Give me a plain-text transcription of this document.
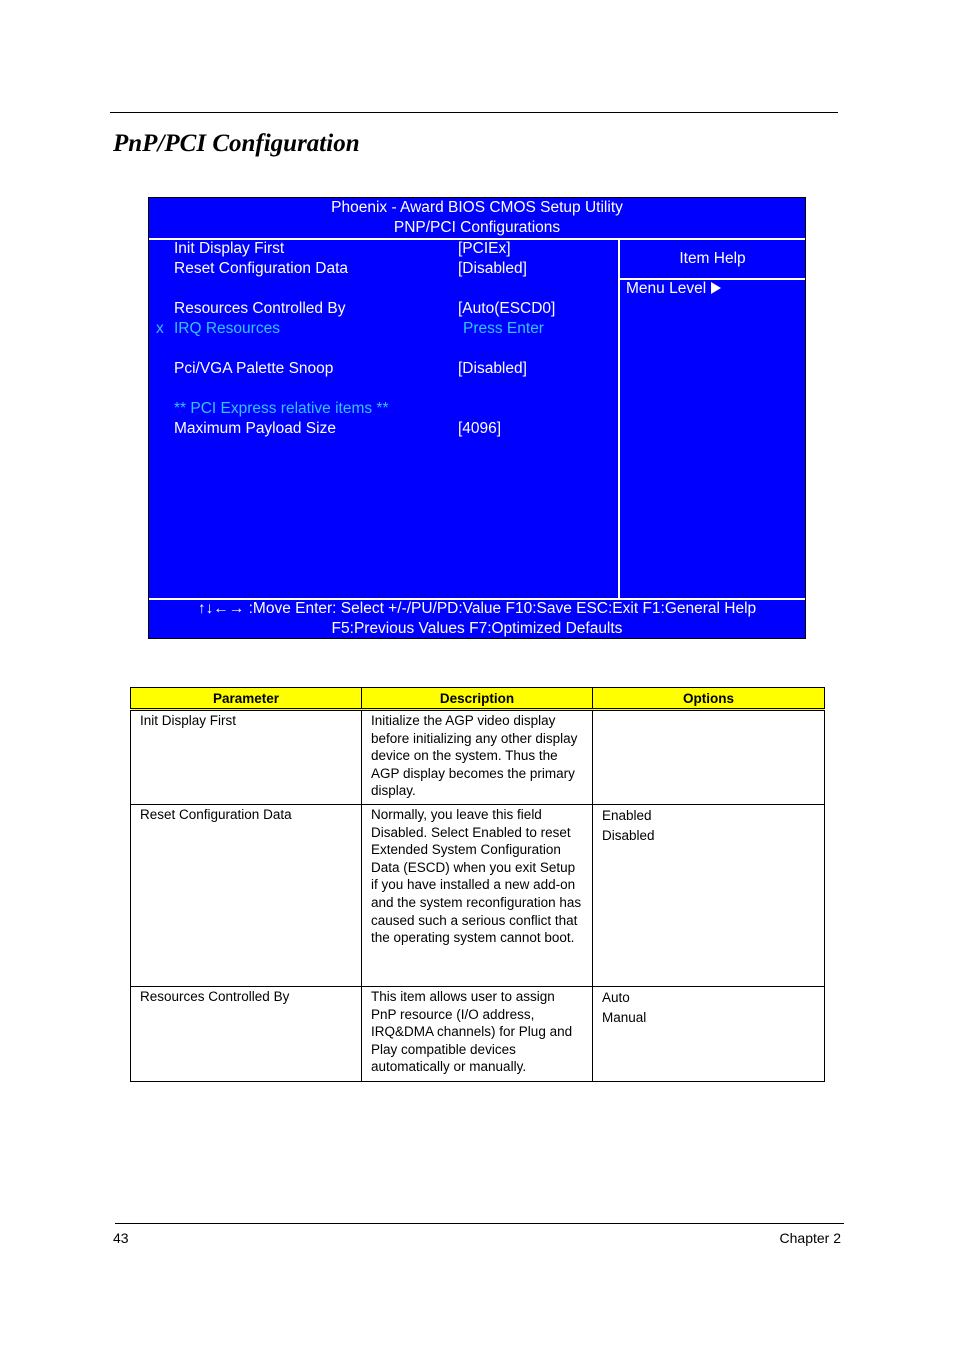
PnP/PCI Configuration
Phoenix - Award BIOS CMOS Setup Utility
PNP/PCI Configurations
Init Display First	[PCIEx]
Reset Configuration Data	[Disabled]
Resources Controlled By	[Auto(ESCD0]
x IRQ Resources	Press Enter
Pci/VGA Palette Snoop	[Disabled]
** PCI Express relative items **
Maximum Payload Size	[4096]
Item Help
Menu Level
↑↓←→ :Move Enter: Select +/-/PU/PD:Value F10:Save ESC:Exit F1:General Help
F5:Previous Values F7:Optimized Defaults
Parameter	Description	Options
Init Display First	Initialize the AGP video display before initializing any other display device on the system. Thus the AGP display becomes the primary display.	
Reset Configuration Data	Normally, you leave this field Disabled. Select Enabled to reset Extended System Configuration Data (ESCD) when you exit Setup if you have installed a new add-on and the system reconfiguration has caused such a serious conflict that the operating system cannot boot.	Enabled
Disabled

Resources Controlled By	This item allows user to assign PnP resource (I/O address, IRQ&DMA channels) for Plug and Play compatible devices automatically or manually.	Auto
Manual
43	Chapter 2
